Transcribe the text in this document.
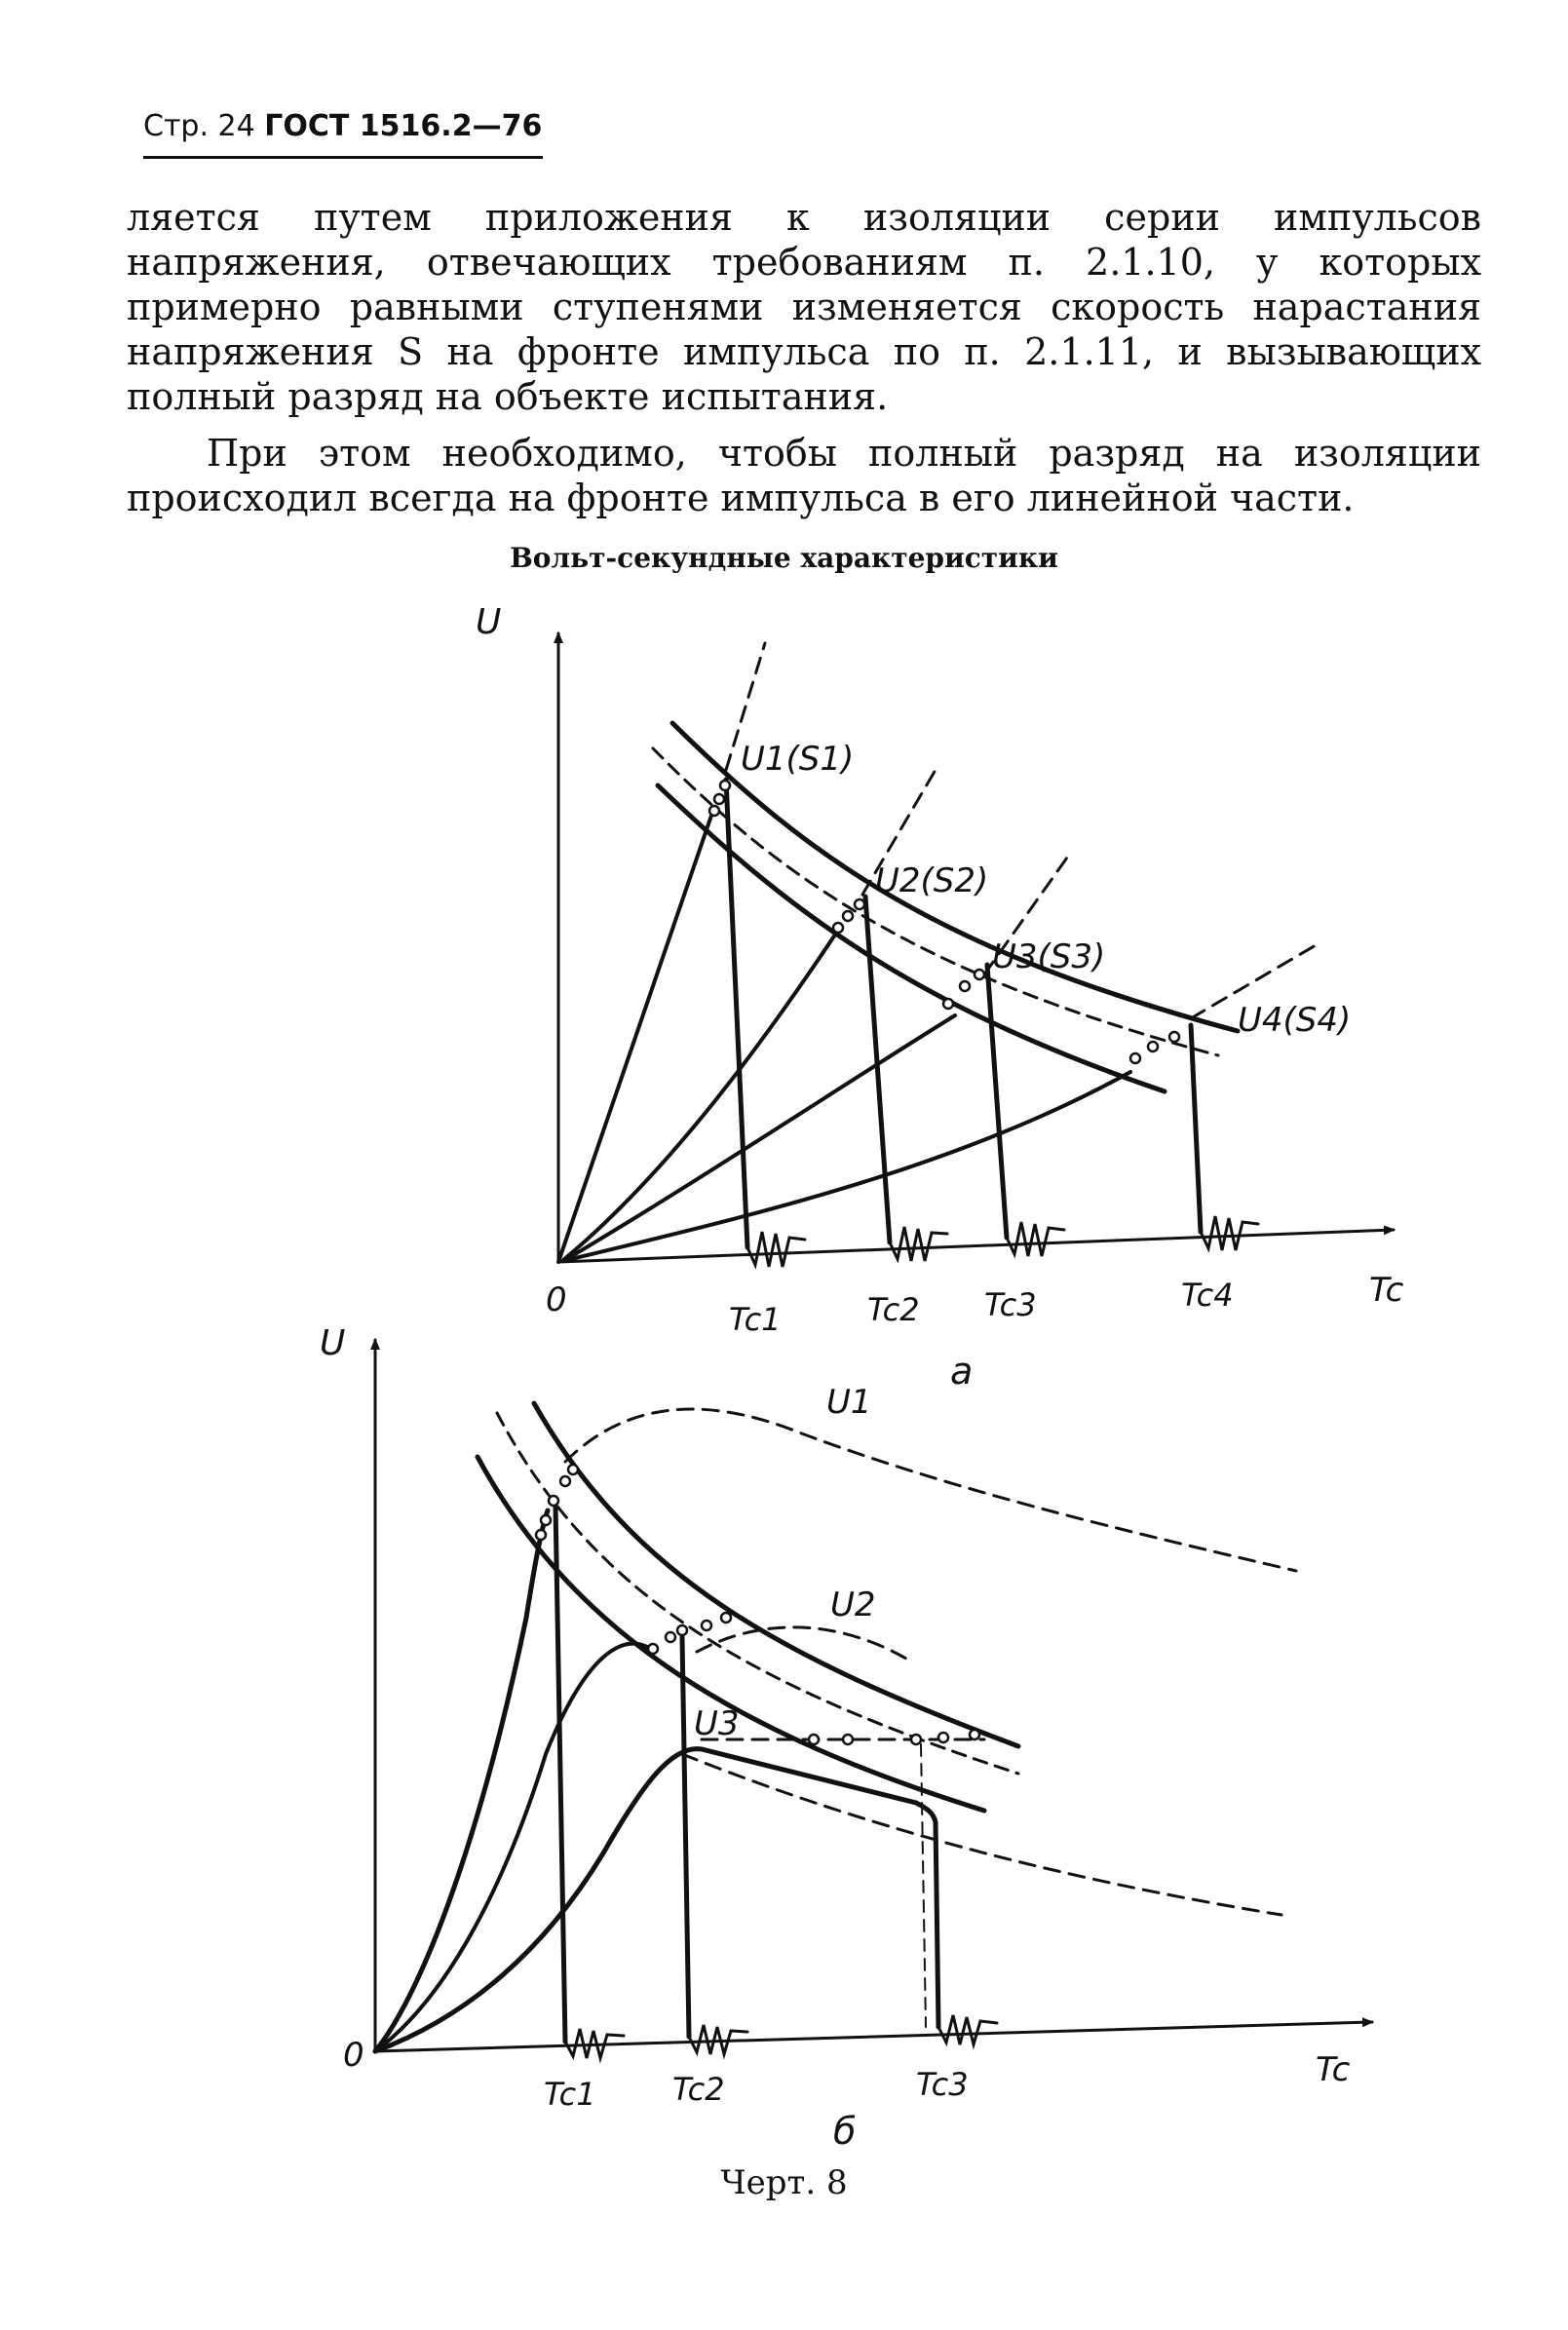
Стр. 24 ГОСТ 1516.2—76

ляется путем приложения к изоляции серии импульсов напряжения, отвечающих требованиям п. 2.1.10, у которых примерно равными ступенями изменяется скорость нарастания напряжения S на фронте импульса по п. 2.1.11, и вызывающих полный разряд на объекте испытания.

При этом необходимо, чтобы полный разряд на изоляции происходил всегда на фронте импульса в его линейной части.

Вольт-секундные характеристики
U
0	Tc
U1(S1)
U2(S2)
U3(S3)
U4(S4)
Tc1	Tc2 Tc3	Tc4
а
U
0	Tc
U1
U2
U3
Tc1 Tc2	Tc3
б
Черт. 8
